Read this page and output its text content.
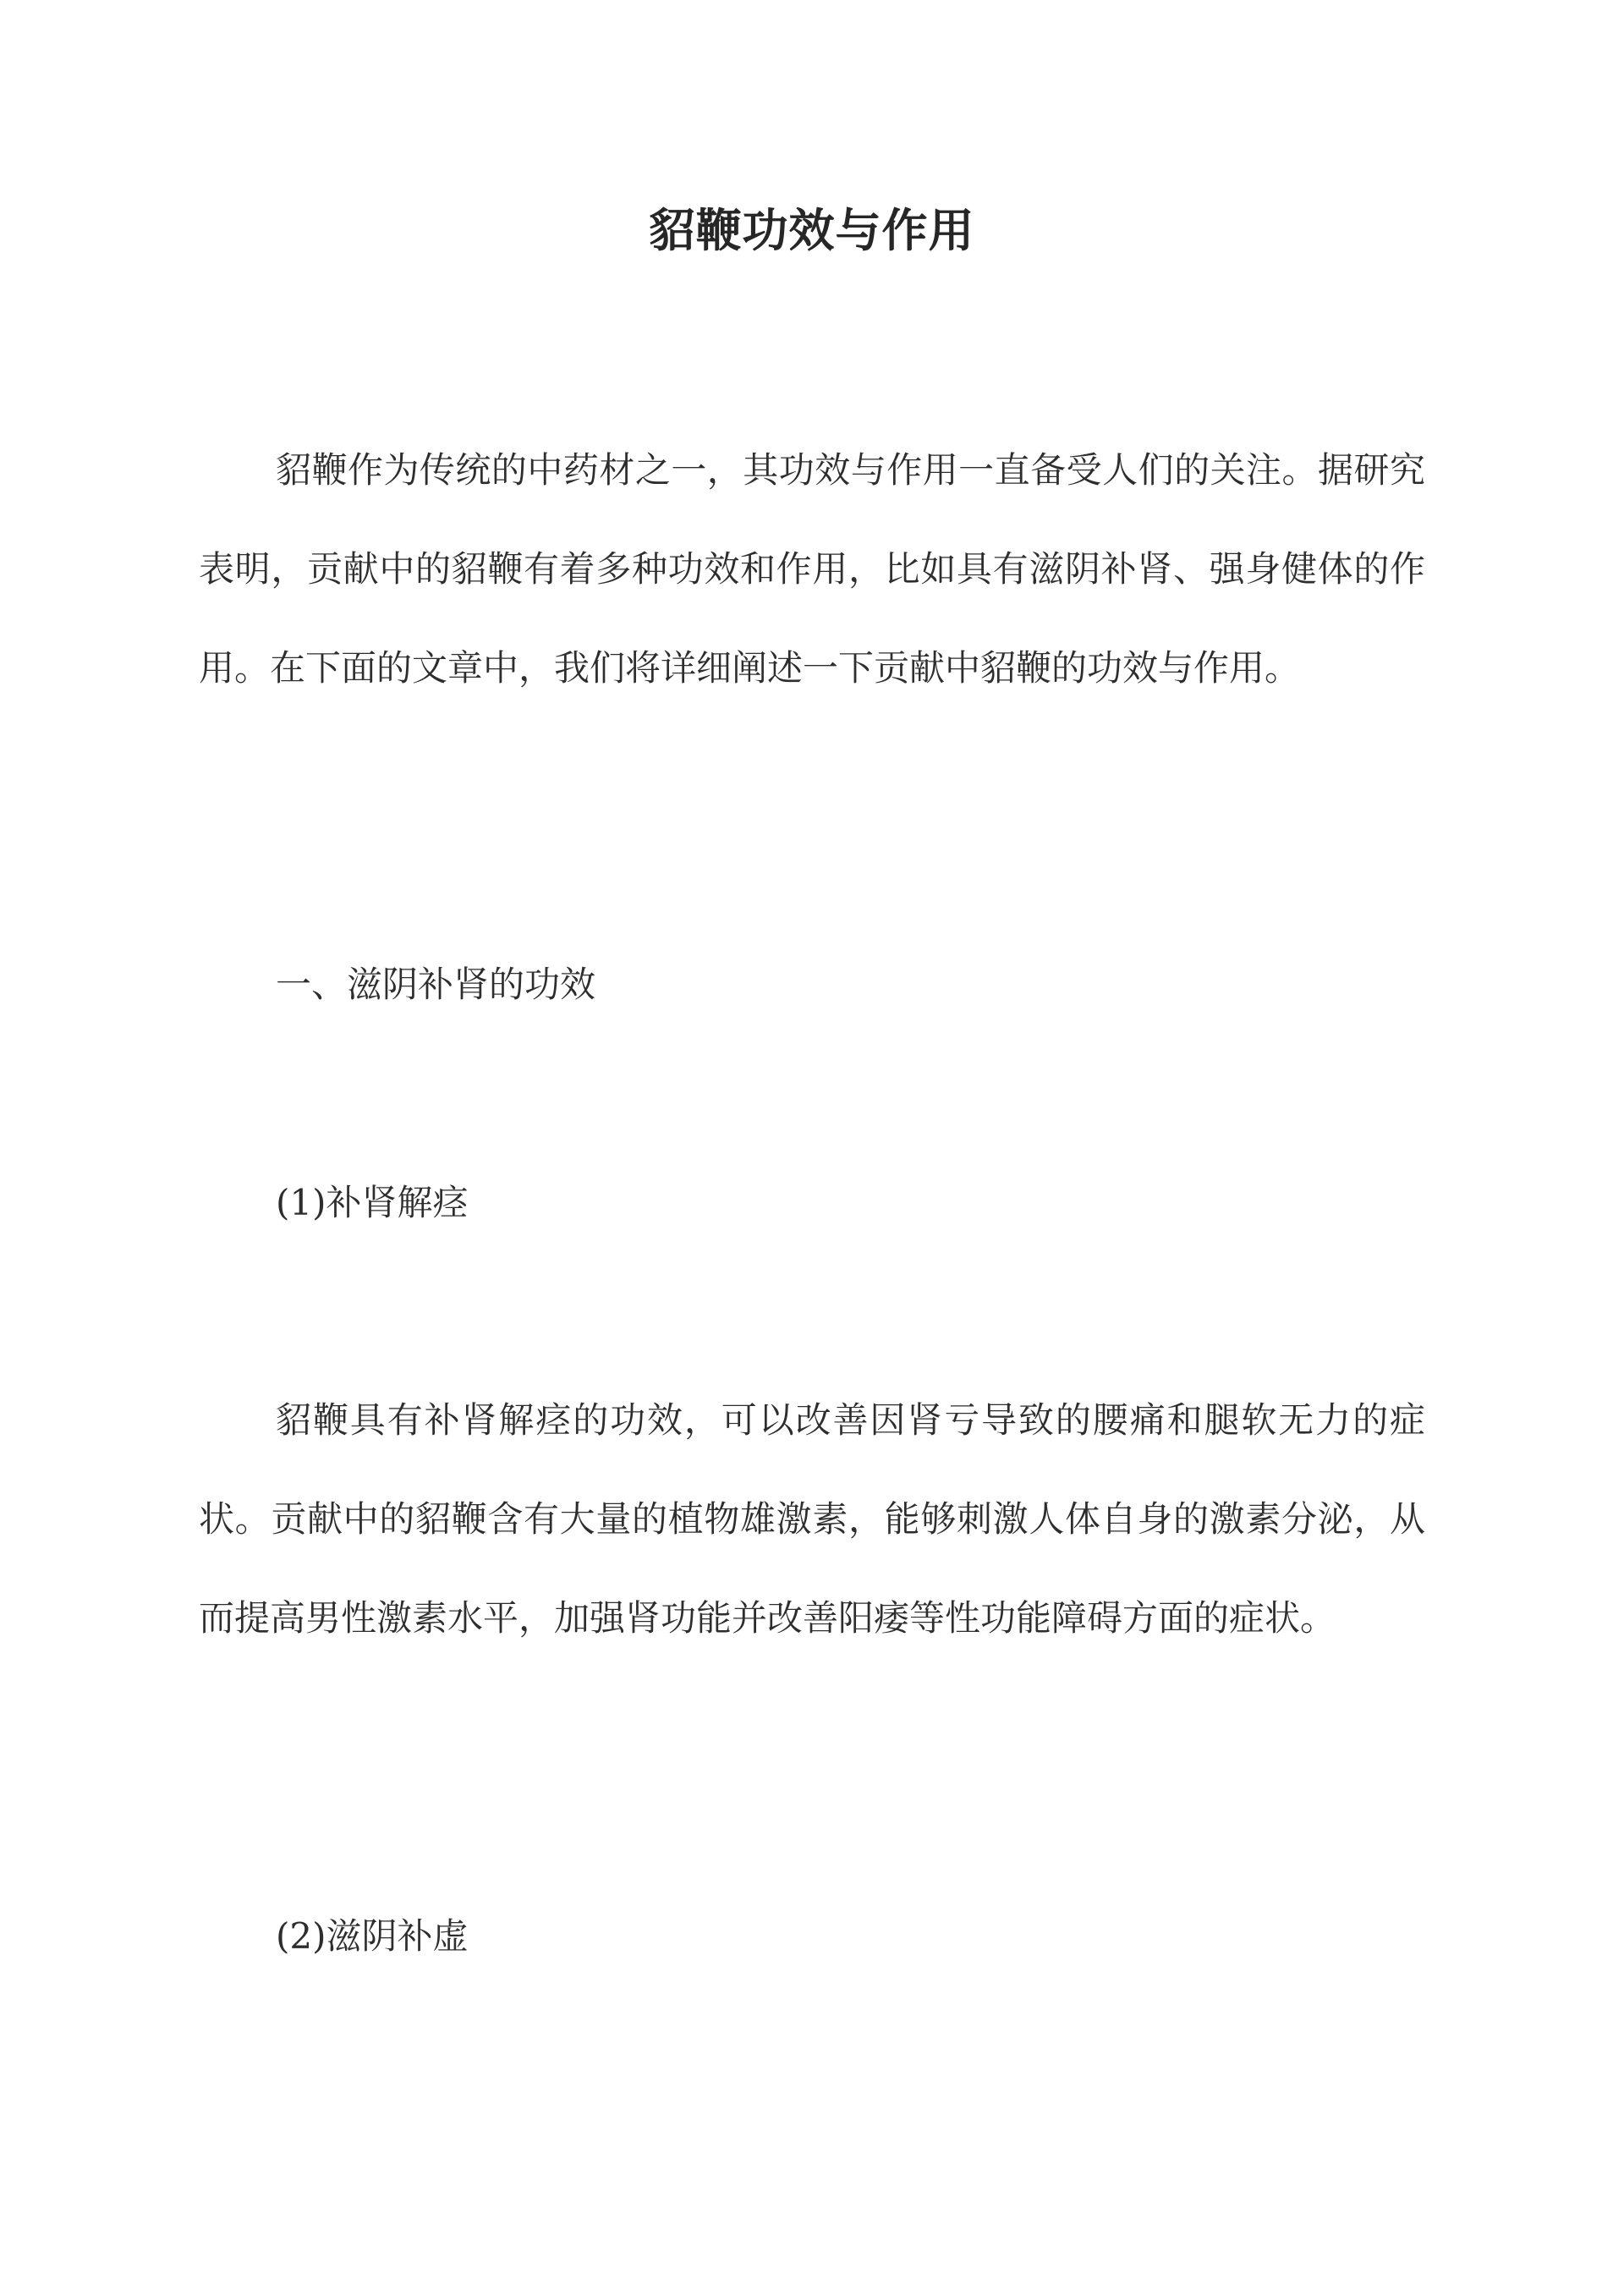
貂鞭功效与作用
貂鞭作为传统的中药材之一，其功效与作用一直备受人们的关注。据研究表明，贡献中的貂鞭有着多种功效和作用，比如具有滋阴补肾、强身健体的作用。在下面的文章中，我们将详细阐述一下贡献中貂鞭的功效与作用。
一、滋阴补肾的功效
(1)补肾解痉
貂鞭具有补肾解痉的功效，可以改善因肾亏导致的腰痛和腿软无力的症状。贡献中的貂鞭含有大量的植物雄激素，能够刺激人体自身的激素分泌，从而提高男性激素水平，加强肾功能并改善阳痿等性功能障碍方面的症状。
(2)滋阴补虚
